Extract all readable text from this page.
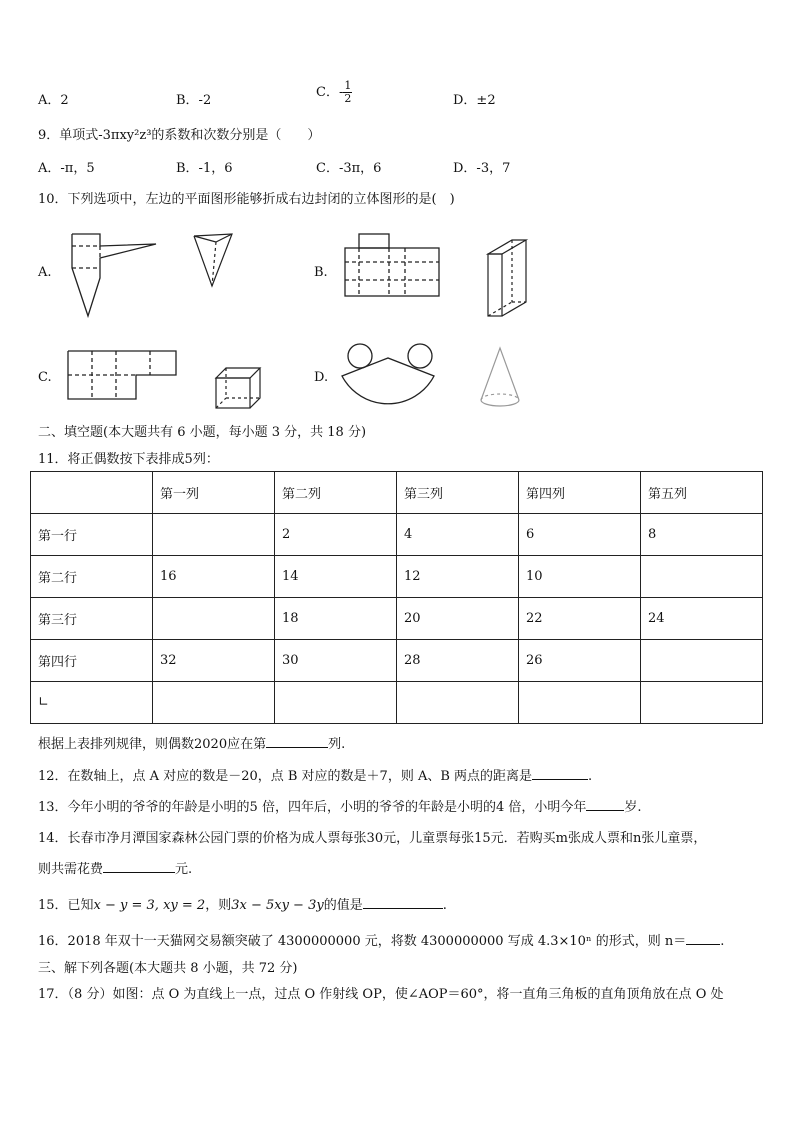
A．2	B．-2
C．- $\frac{1}{2}$	D．±2
9．单项式-3πxy²z³的系数和次数分别是（　　）
A．-π，5	B．-1，6	C．-3π，6	D．-3，7
10．下列选项中，左边的平面图形能够折成右边封闭的立体图形的是(　)
A.	B.
C.	D.
二、填空题(本大题共有 6 小题，每小题 3 分，共 18 分)
11．将正偶数按下表排成5列：
	第一列	第二列	第三列	第四列	第五列
第一行		2	4	6	8
第二行	16	14	12	10	
第三行		18	20	22	24
第四行	32	30	28	26	
∟					
根据上表排列规律，则偶数2020应在第	列.
12．在数轴上，点 A 对应的数是－20，点 B 对应的数是＋7，则 A、B 两点的距离是	.
13．今年小明的爷爷的年龄是小明的5 倍，四年后，小明的爷爷的年龄是小明的4 倍，小明今年	岁.
14．长春市净月潭国家森林公园门票的价格为成人票每张30元，儿童票每张15元．若购买m张成人票和n张儿童票，
则共需花费	元.
15．已知x − y = 3, xy = 2，则3x − 5xy − 3y的值是	.
16．2018 年双十一天猫网交易额突破了 4300000000 元，将数 4300000000 写成 4.3×10ⁿ 的形式，则 n＝	.
三、解下列各题(本大题共 8 小题，共 72 分)
17．（8 分）如图：点 O 为直线上一点，过点 O 作射线 OP，使∠AOP＝60°，将一直角三角板的直角顶角放在点 O 处
